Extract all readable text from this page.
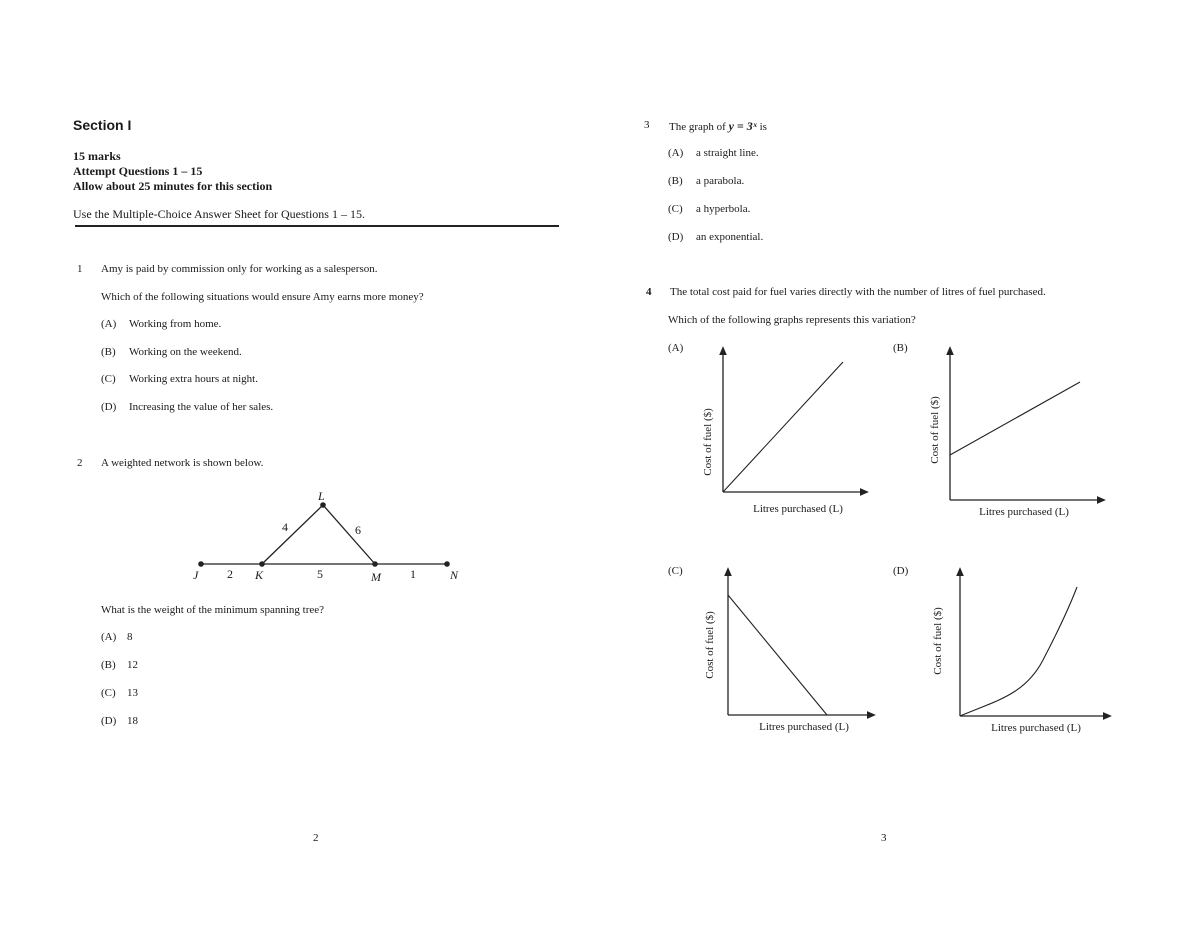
Section I
15 marks
Attempt Questions 1 – 15
Allow about 25 minutes for this section
Use the Multiple-Choice Answer Sheet for Questions 1 – 15.
1 Amy is paid by commission only for working as a salesperson.
Which of the following situations would ensure Amy earns more money?
(A) Working from home.
(B) Working on the weekend.
(C) Working extra hours at night.
(D) Increasing the value of her sales.
2 A weighted network is shown below.
J	K
L
M	N
2
4	6
5	1
What is the weight of the minimum spanning tree?
(A) 8
(B) 12
(C) 13
(D) 18
2
3 The graph of y = 3ˣ is
(A) a straight line.
(B) a parabola.
(C) a hyperbola.
(D) an exponential.
4 The total cost paid for fuel varies directly with the number of litres of fuel purchased.
Which of the following graphs represents this variation?
(A)
Cost of fuel ($)
Litres purchased (L)
(B)
Cost of fuel ($)
Litres purchased (L)
(C)
Cost of fuel ($)
Litres purchased (L)
(D)
Cost of fuel ($)
Litres purchased (L)
3
